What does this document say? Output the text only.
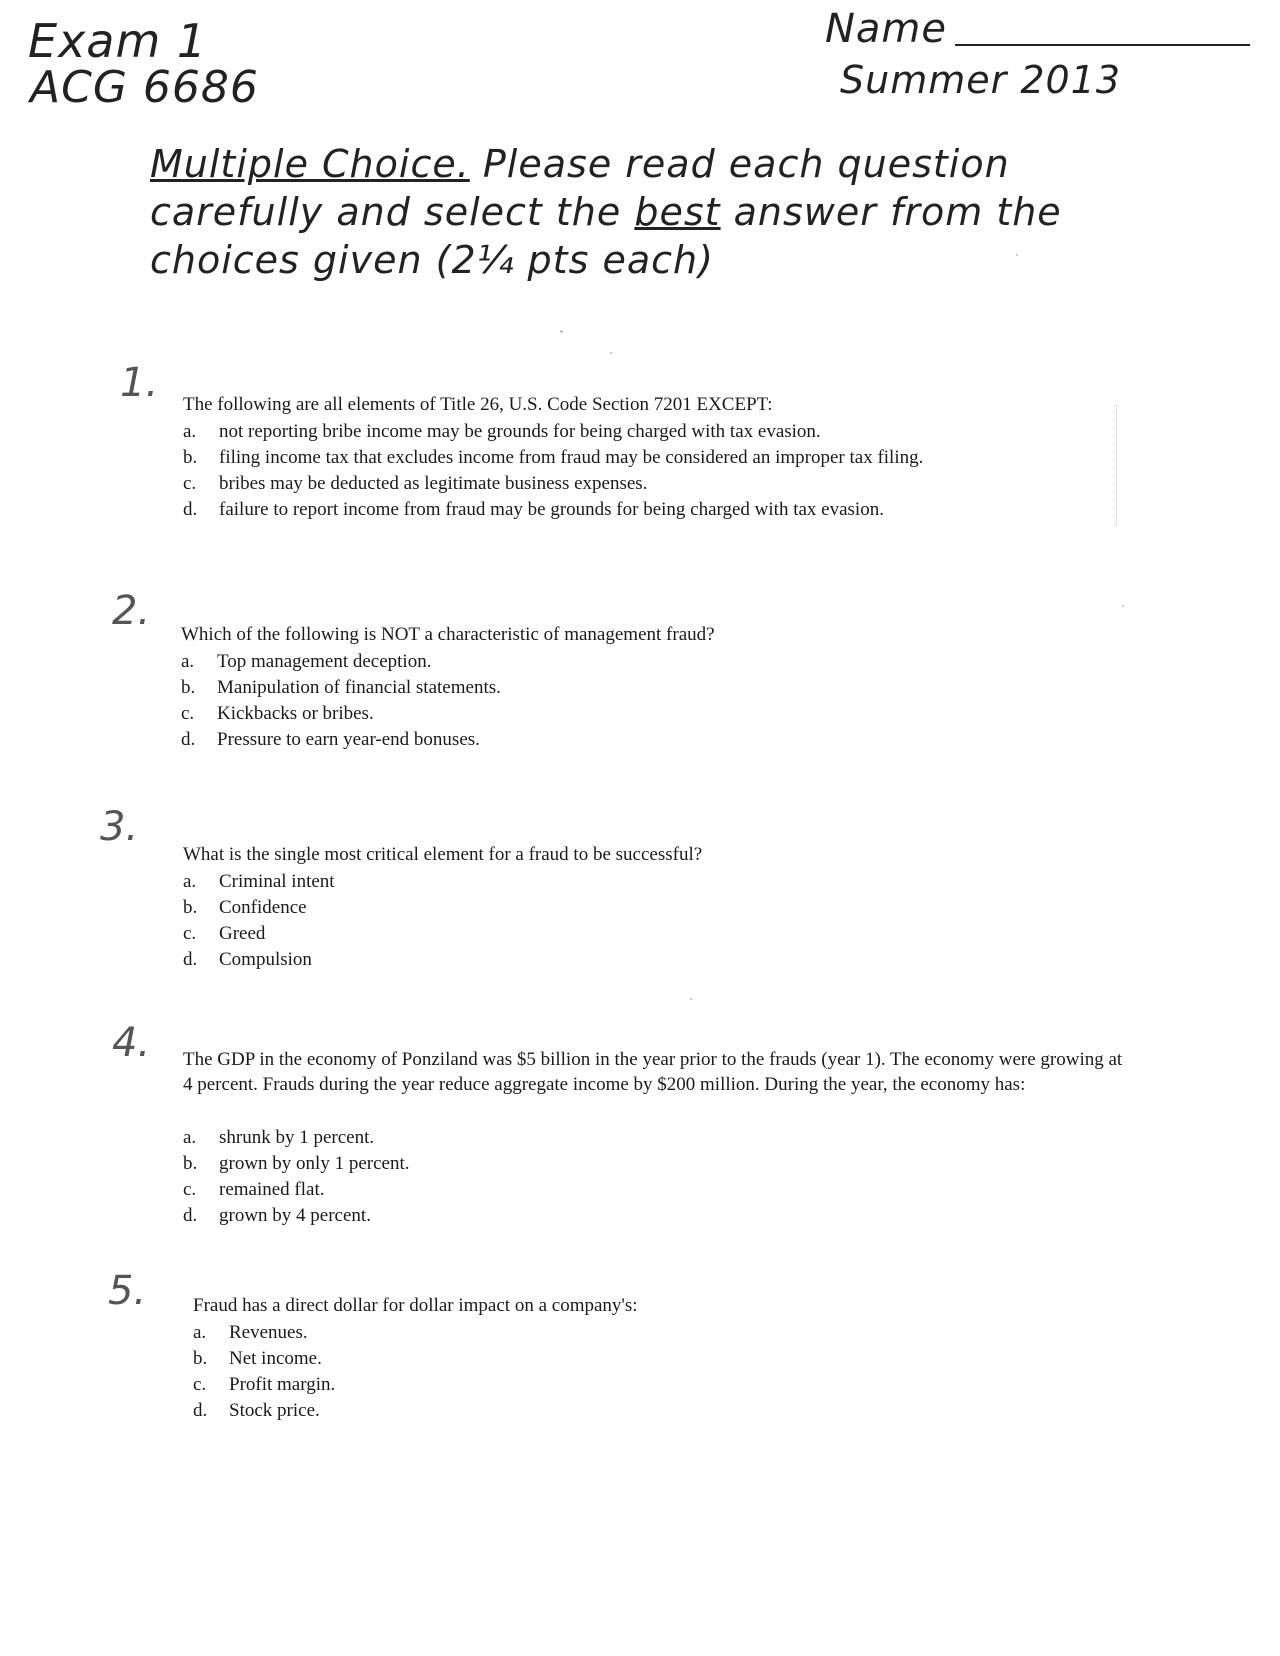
Exam 1
ACG 6686
Name
Summer 2013
Multiple Choice. Please read each question carefully and select the best answer from the choices given (2¼ pts each)
1. The following are all elements of Title 26, U.S. Code Section 7201 EXCEPT:
a. not reporting bribe income may be grounds for being charged with tax evasion.
b. filing income tax that excludes income from fraud may be considered an improper tax filing.
c. bribes may be deducted as legitimate business expenses.
d. failure to report income from fraud may be grounds for being charged with tax evasion.
2.
Which of the following is NOT a characteristic of management fraud?
a. Top management deception.
b. Manipulation of financial statements.
c. Kickbacks or bribes.
d. Pressure to earn year-end bonuses.
3.
What is the single most critical element for a fraud to be successful?
a. Criminal intent
b. Confidence
c. Greed
d. Compulsion
4. The GDP in the economy of Ponziland was $5 billion in the year prior to the frauds (year 1). The economy were growing at 4 percent. Frauds during the year reduce aggregate income by $200 million. During the year, the economy has:
a. shrunk by 1 percent.
b. grown by only 1 percent.
c. remained flat.
d. grown by 4 percent.
5. Fraud has a direct dollar for dollar impact on a company's:
a. Revenues.
b. Net income.
c. Profit margin.
d. Stock price.
